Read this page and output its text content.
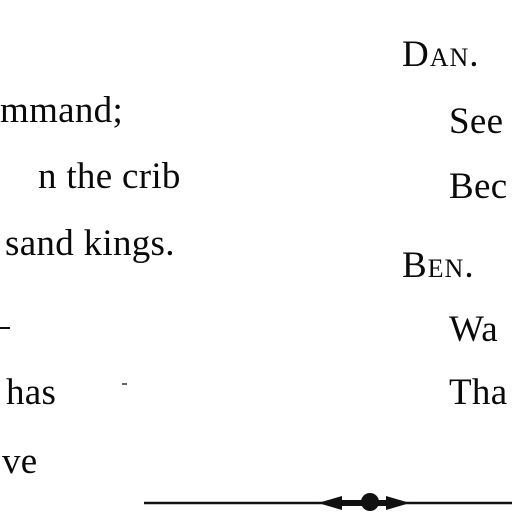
mmand;
n the crib
sand kings.
has
ve
Dan.
See
Bec
Ben.
Wa
Tha
